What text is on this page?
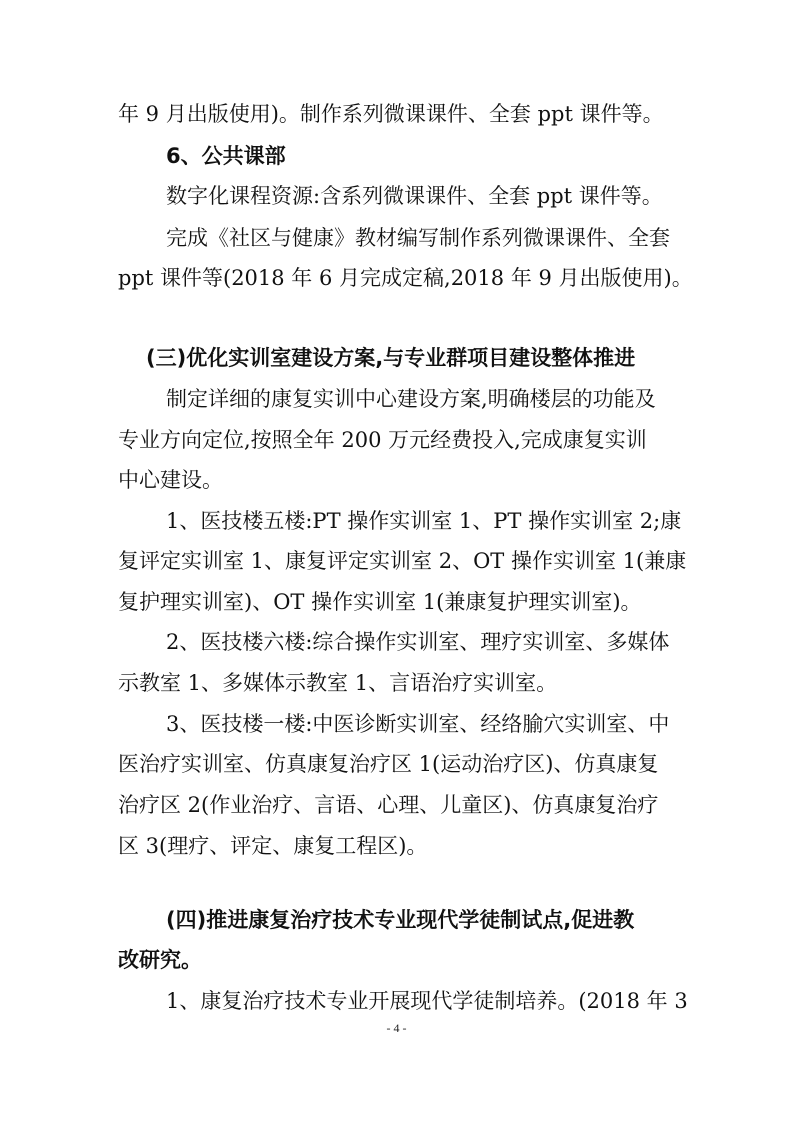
年 9 月出版使用)。制作系列微课课件、全套 ppt 课件等。
6、公共课部
数字化课程资源:含系列微课课件、全套 ppt 课件等。
完成《社区与健康》教材编写制作系列微课课件、全套
ppt 课件等(2018 年 6 月完成定稿,2018 年 9 月出版使用)。
(三)优化实训室建设方案,与专业群项目建设整体推进
制定详细的康复实训中心建设方案,明确楼层的功能及
专业方向定位,按照全年 200 万元经费投入,完成康复实训
中心建设。
1、医技楼五楼:PT 操作实训室 1、PT 操作实训室 2;康
复评定实训室 1、康复评定实训室 2、OT 操作实训室 1(兼康
复护理实训室)、OT 操作实训室 1(兼康复护理实训室)。
2、医技楼六楼:综合操作实训室、理疗实训室、多媒体
示教室 1、多媒体示教室 1、言语治疗实训室。
3、医技楼一楼:中医诊断实训室、经络腧穴实训室、中
医治疗实训室、仿真康复治疗区 1(运动治疗区)、仿真康复
治疗区 2(作业治疗、言语、心理、儿童区)、仿真康复治疗
区 3(理疗、评定、康复工程区)。
(四)推进康复治疗技术专业现代学徒制试点,促进教
改研究。
1、康复治疗技术专业开展现代学徒制培养。(2018 年 3
- 4 -
